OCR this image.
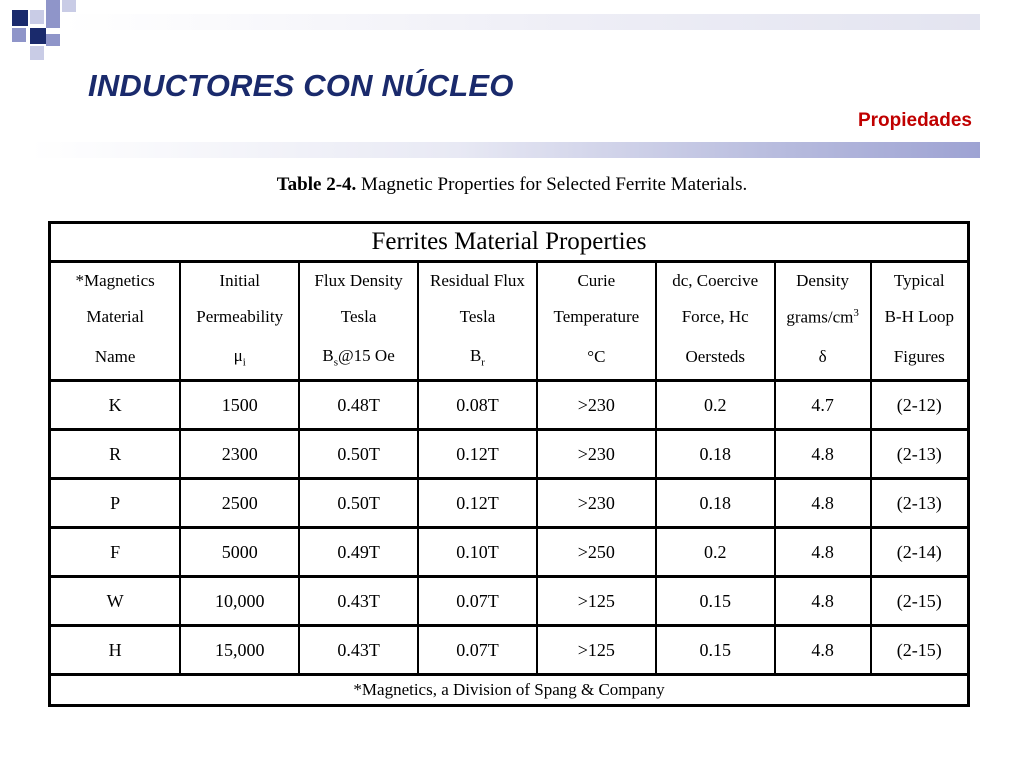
INDUCTORES CON NÚCLEO
Propiedades
Table 2-4. Magnetic Properties for Selected Ferrite Materials.
Ferrites Material Properties							
*Magnetics	Initial	Flux Density	Residual Flux	Curie	dc, Coercive	Density	Typical
Material	Permeability	Tesla	Tesla	Temperature	Force, Hc	grams/$cm^3$	B-H Loop
Name	$\mu_i$	$B_s@15$ Oe	$B_r$	°C	Oersteds	δ	Figures
K	1500	0.48T	0.08T	>230	0.2	4.7	(2-12)
R	2300	0.50T	0.12T	>230	0.18	4.8	(2-13)
P	2500	0.50T	0.12T	>230	0.18	4.8	(2-13)
F	5000	0.49T	0.10T	>250	0.2	4.8	(2-14)
W	10,000	0.43T	0.07T	>125	0.15	4.8	(2-15)
H	15,000	0.43T	0.07T	>125	0.15	4.8	(2-15)
*Magnetics, a Division of Spang & Company							
